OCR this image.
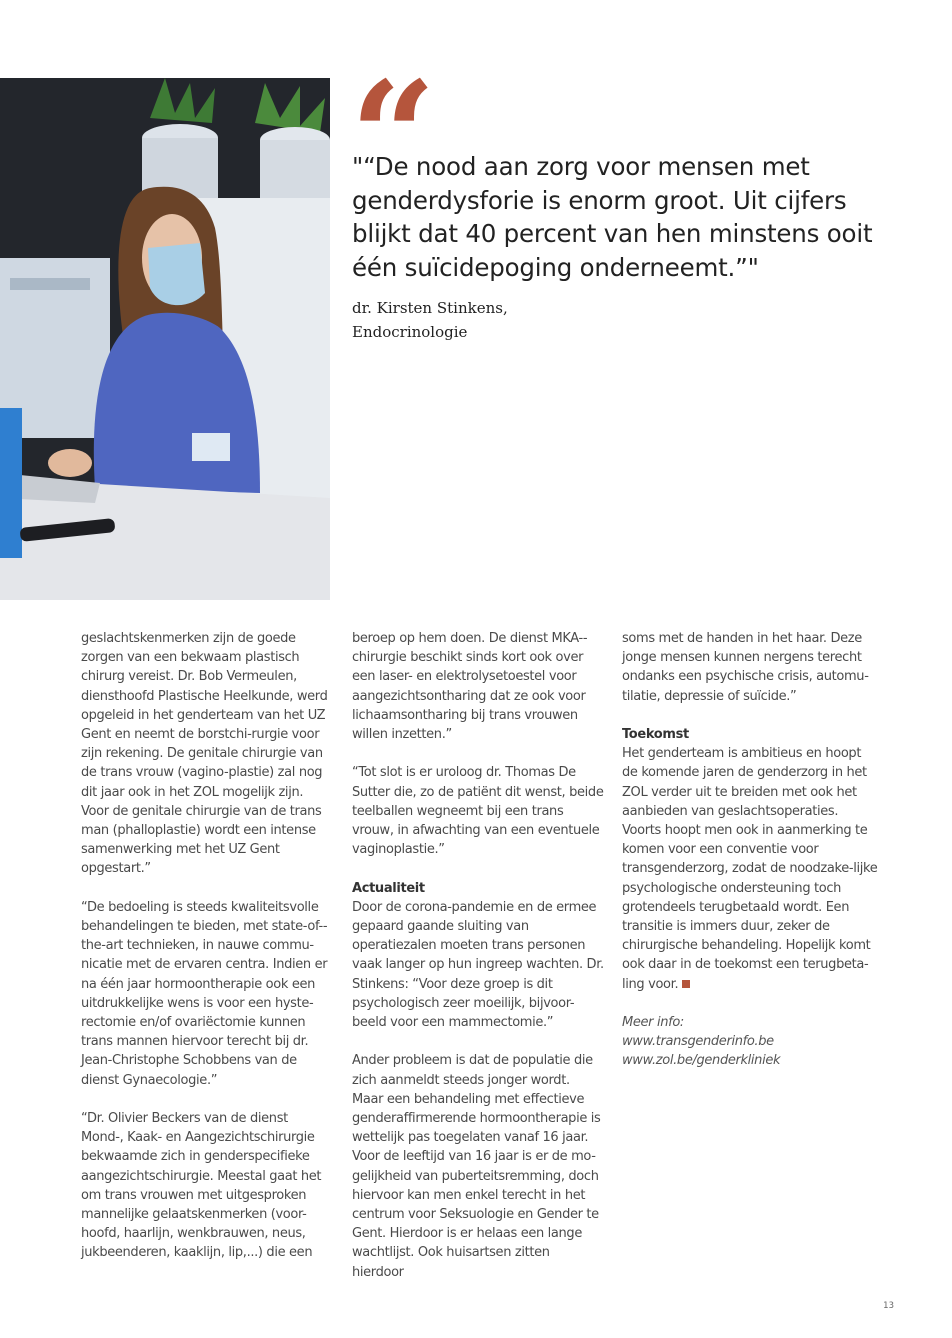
“
"“De nood aan zorg voor mensen met genderdysforie is enorm groot. Uit cijfers blijkt dat 40 percent van hen minstens ooit één suïcidepoging onderneemt.”"
dr. Kirsten Stinkens,
Endocrinologie

geslachtskenmerken zijn de goede zorgen van een bekwaam plastisch chirurg vereist. Dr. Bob Vermeulen, diensthoofd Plastische Heelkunde, werd opgeleid in het genderteam van het UZ Gent en neemt de borstchi-rurgie voor zijn rekening. De genitale chirurgie van de trans vrouw (vagino-plastie) zal nog dit jaar ook in het ZOL mogelijk zijn. Voor de genitale chirurgie van de trans man (phalloplastie) wordt een intense samenwerking met het UZ Gent opgestart.”

“De bedoeling is steeds kwaliteitsvolle behandelingen te bieden, met state-of--the-art technieken, in nauwe commu-nicatie met de ervaren centra. Indien er na één jaar hormoontherapie ook een uitdrukkelijke wens is voor een hyste-rectomie en/of ovariëctomie kunnen trans mannen hiervoor terecht bij dr. Jean-Christophe Schobbens van de dienst Gynaecologie.”

“Dr. Olivier Beckers van de dienst Mond-, Kaak- en Aangezichtschirurgie bekwaamde zich in genderspecifieke aangezichtschirurgie. Meestal gaat het om trans vrouwen met uitgesproken mannelijke gelaatskenmerken (voor-hoofd, haarlijn, wenkbrauwen, neus, jukbeenderen, kaaklijn, lip,...) die een

beroep op hem doen. De dienst MKA--chirurgie beschikt sinds kort ook over een laser- en elektrolysetoestel voor aangezichtsontharing dat ze ook voor lichaamsontharing bij trans vrouwen willen inzetten.”

“Tot slot is er uroloog dr. Thomas De Sutter die, zo de patiënt dit wenst, beide teelballen wegneemt bij een trans vrouw, in afwachting van een eventuele vaginoplastie.”

Actualiteit

Door de corona-pandemie en de ermee gepaard gaande sluiting van operatiezalen moeten trans personen vaak langer op hun ingreep wachten. Dr. Stinkens: “Voor deze groep is dit psychologisch zeer moeilijk, bijvoor-beeld voor een mammectomie.”

Ander probleem is dat de populatie die zich aanmeldt steeds jonger wordt. Maar een behandeling met effectieve genderaffirmerende hormoontherapie is wettelijk pas toegelaten vanaf 16 jaar. Voor de leeftijd van 16 jaar is er de mo-gelijkheid van puberteitsremming, doch hiervoor kan men enkel terecht in het centrum voor Seksuologie en Gender te Gent. Hierdoor is er helaas een lange wachtlijst. Ook huisartsen zitten hierdoor

soms met de handen in het haar. Deze jonge mensen kunnen nergens terecht ondanks een psychische crisis, automu-tilatie, depressie of suïcide.”

Toekomst

Het genderteam is ambitieus en hoopt de komende jaren de genderzorg in het ZOL verder uit te breiden met ook het aanbieden van geslachtsoperaties. Voorts hoopt men ook in aanmerking te komen voor een conventie voor transgenderzorg, zodat de noodzake-lijke psychologische ondersteuning toch grotendeels terugbetaald wordt. Een transitie is immers duur, zeker de chirurgische behandeling. Hopelijk komt ook daar in de toekomst een terugbeta-ling voor.

Meer info:
www.transgenderinfo.be
www.zol.be/genderkliniek
13
